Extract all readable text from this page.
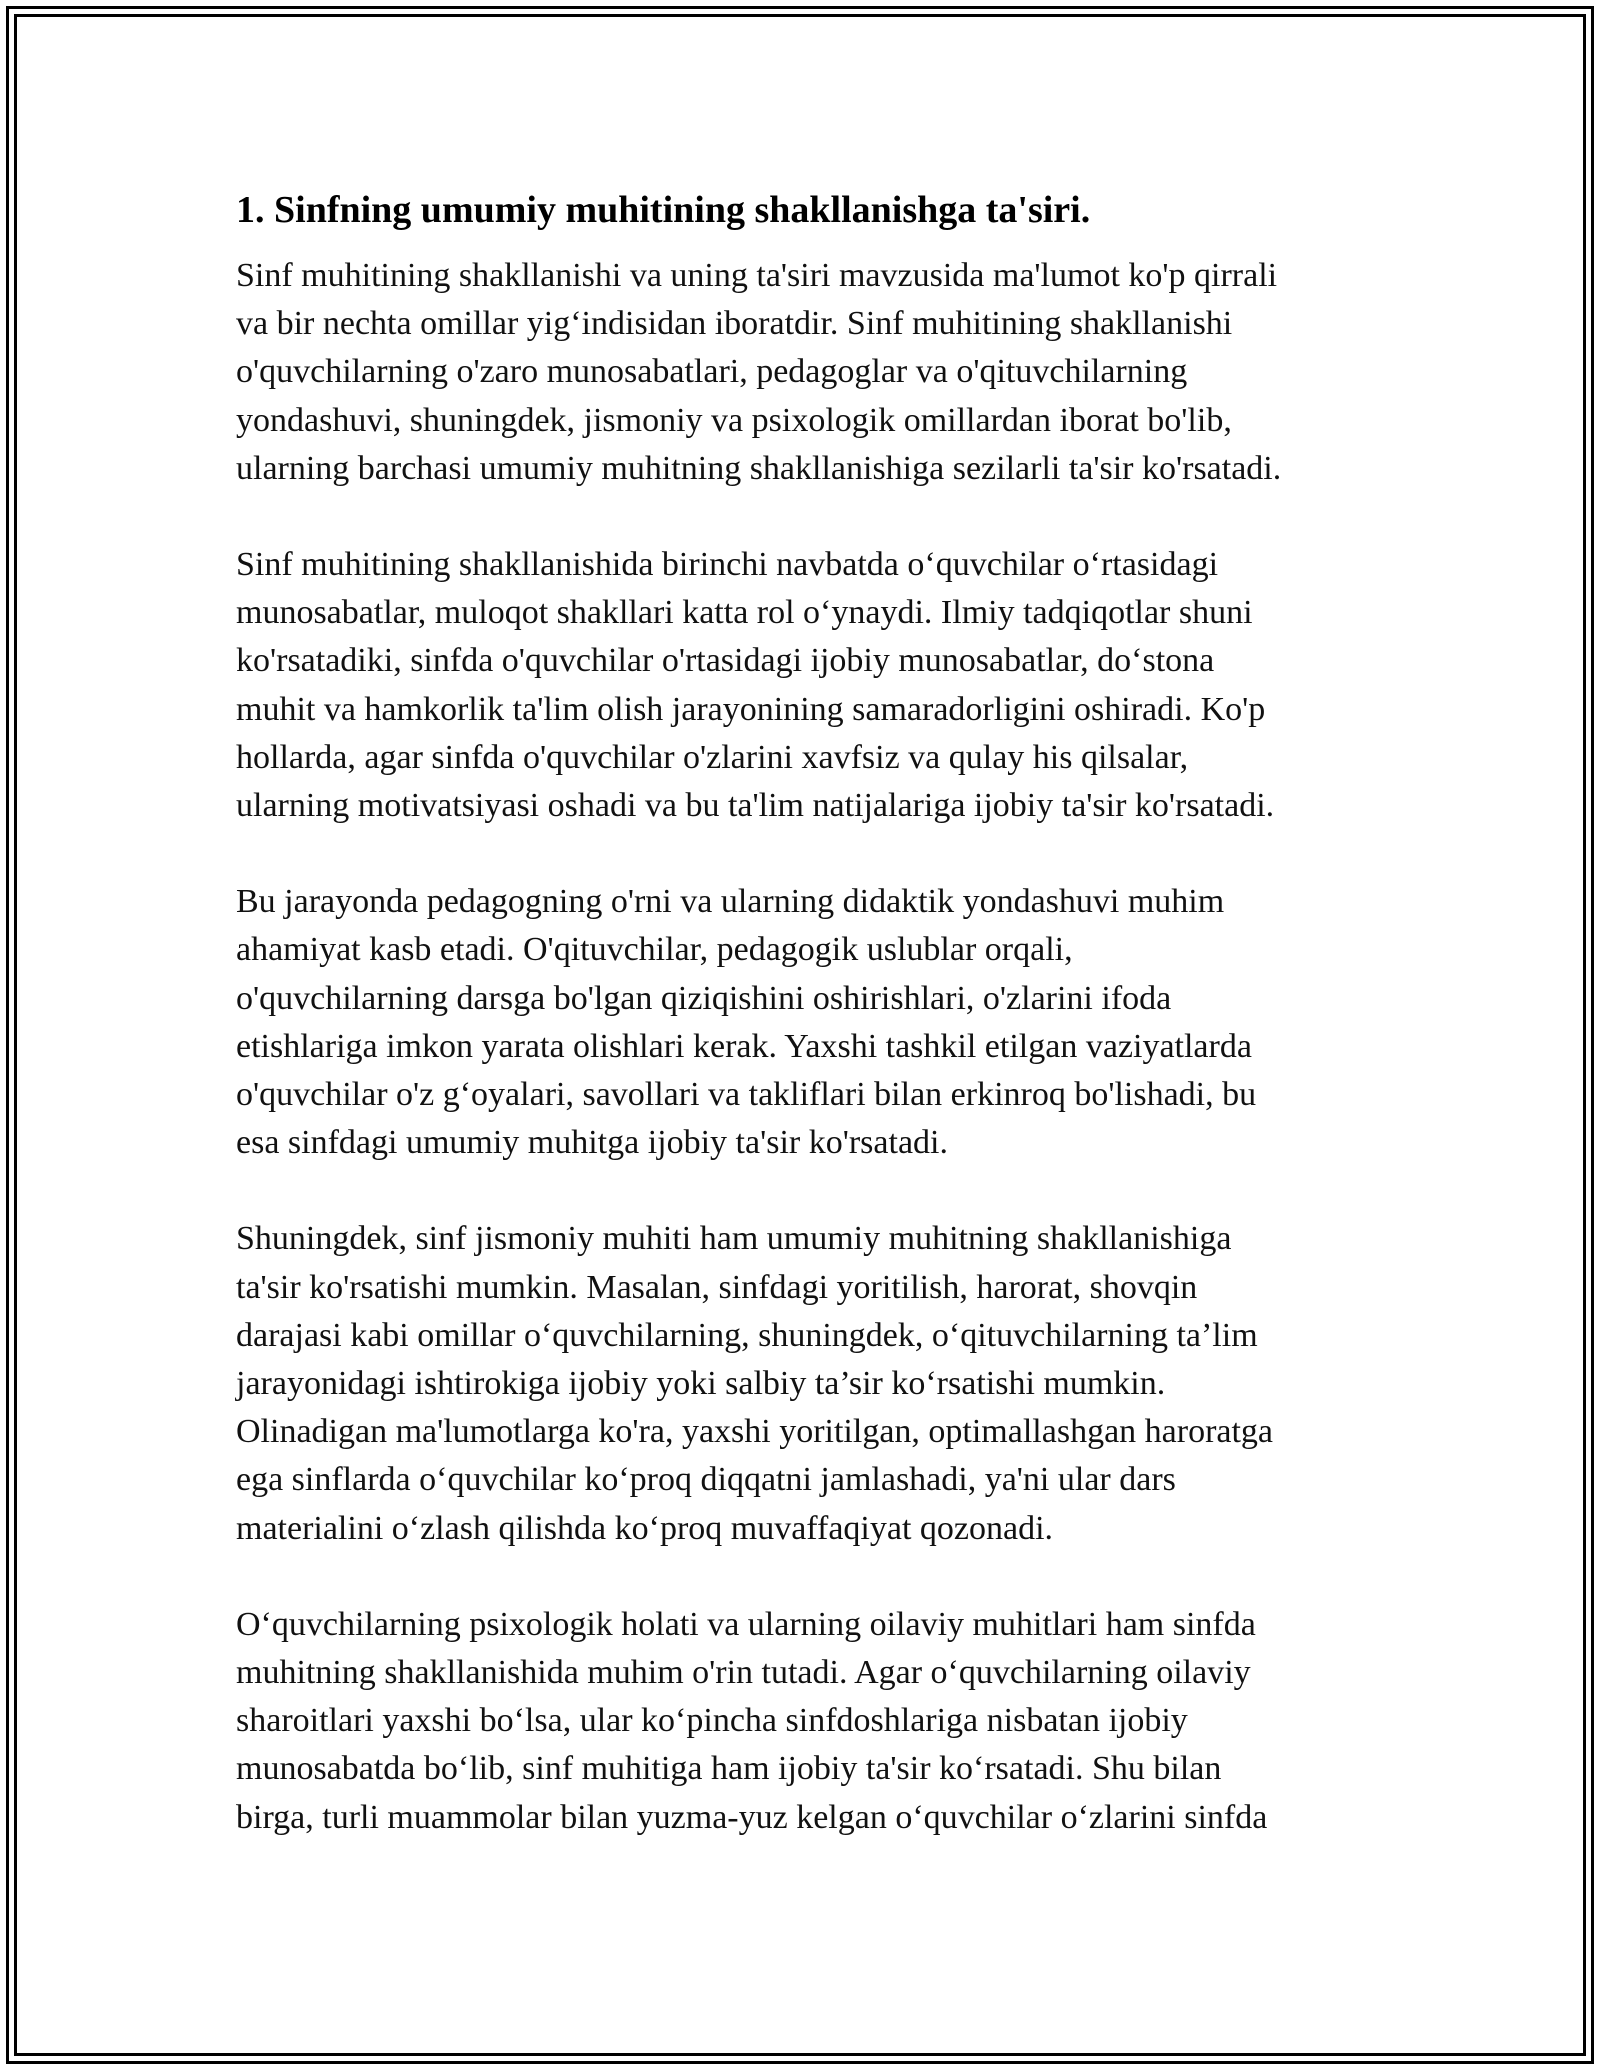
1. Sinfning umumiy muhitining shakllanishga ta'siri.

Sinf muhitining shakllanishi va uning ta'siri mavzusida ma'lumot ko'p qirrali
va bir nechta omillar yig‘indisidan iboratdir. Sinf muhitining shakllanishi
o'quvchilarning o'zaro munosabatlari, pedagoglar va o'qituvchilarning
yondashuvi, shuningdek, jismoniy va psixologik omillardan iborat bo'lib,
ularning barchasi umumiy muhitning shakllanishiga sezilarli ta'sir ko'rsatadi.

Sinf muhitining shakllanishida birinchi navbatda o‘quvchilar o‘rtasidagi
munosabatlar, muloqot shakllari katta rol o‘ynaydi. Ilmiy tadqiqotlar shuni
ko'rsatadiki, sinfda o'quvchilar o'rtasidagi ijobiy munosabatlar, do‘stona
muhit va hamkorlik ta'lim olish jarayonining samaradorligini oshiradi. Ko'p
hollarda, agar sinfda o'quvchilar o'zlarini xavfsiz va qulay his qilsalar,
ularning motivatsiyasi oshadi va bu ta'lim natijalariga ijobiy ta'sir ko'rsatadi.

Bu jarayonda pedagogning o'rni va ularning didaktik yondashuvi muhim
ahamiyat kasb etadi. O'qituvchilar, pedagogik uslublar orqali,
o'quvchilarning darsga bo'lgan qiziqishini oshirishlari, o'zlarini ifoda
etishlariga imkon yarata olishlari kerak. Yaxshi tashkil etilgan vaziyatlarda
o'quvchilar o'z g‘oyalari, savollari va takliflari bilan erkinroq bo'lishadi, bu
esa sinfdagi umumiy muhitga ijobiy ta'sir ko'rsatadi.

Shuningdek, sinf jismoniy muhiti ham umumiy muhitning shakllanishiga
ta'sir ko'rsatishi mumkin. Masalan, sinfdagi yoritilish, harorat, shovqin
darajasi kabi omillar o‘quvchilarning, shuningdek, o‘qituvchilarning ta’lim
jarayonidagi ishtirokiga ijobiy yoki salbiy ta’sir ko‘rsatishi mumkin.
Olinadigan ma'lumotlarga ko'ra, yaxshi yoritilgan, optimallashgan haroratga
ega sinflarda o‘quvchilar ko‘proq diqqatni jamlashadi, ya'ni ular dars
materialini o‘zlash qilishda ko‘proq muvaffaqiyat qozonadi.

O‘quvchilarning psixologik holati va ularning oilaviy muhitlari ham sinfda
muhitning shakllanishida muhim o'rin tutadi. Agar o‘quvchilarning oilaviy
sharoitlari yaxshi bo‘lsa, ular ko‘pincha sinfdoshlariga nisbatan ijobiy
munosabatda bo‘lib, sinf muhitiga ham ijobiy ta'sir ko‘rsatadi. Shu bilan
birga, turli muammolar bilan yuzma-yuz kelgan o‘quvchilar o‘zlarini sinfda
